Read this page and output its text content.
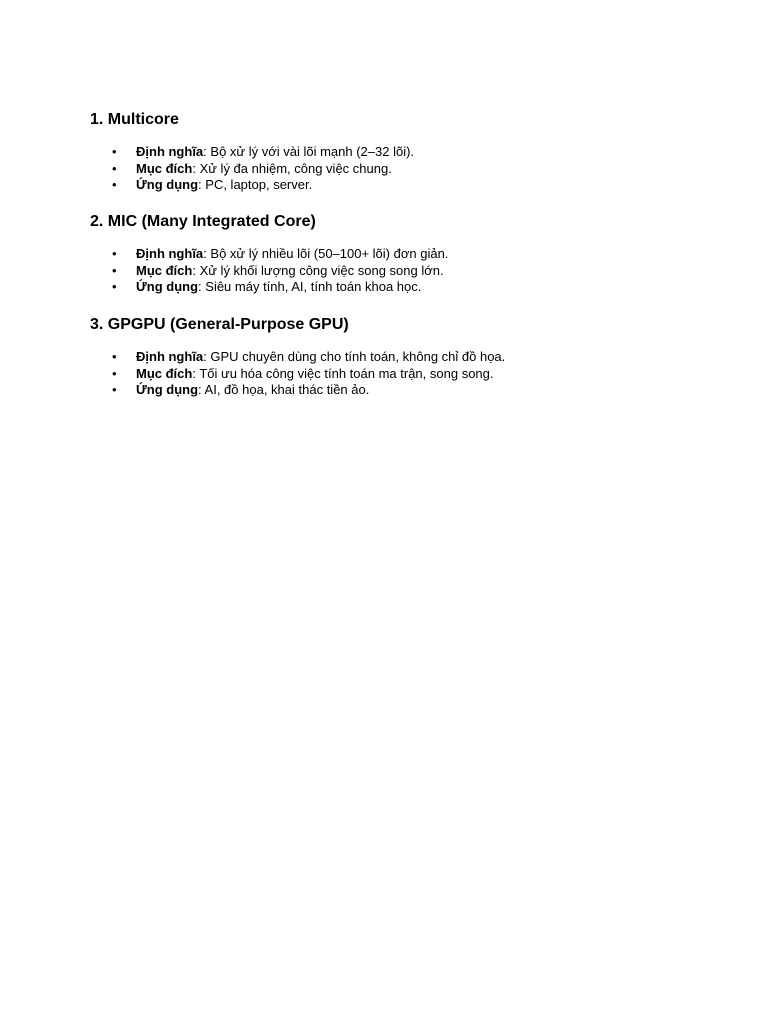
1. Multicore
• Định nghĩa: Bộ xử lý với vài lõi mạnh (2–32 lõi).
• Mục đích: Xử lý đa nhiệm, công việc chung.
• Ứng dụng: PC, laptop, server.
2. MIC (Many Integrated Core)
• Định nghĩa: Bộ xử lý nhiều lõi (50–100+ lõi) đơn giản.
• Mục đích: Xử lý khối lượng công việc song song lớn.
• Ứng dụng: Siêu máy tính, AI, tính toán khoa học.
3. GPGPU (General-Purpose GPU)
• Định nghĩa: GPU chuyên dùng cho tính toán, không chỉ đồ họa.
• Mục đích: Tối ưu hóa công việc tính toán ma trận, song song.
• Ứng dụng: AI, đồ họa, khai thác tiền ảo.
